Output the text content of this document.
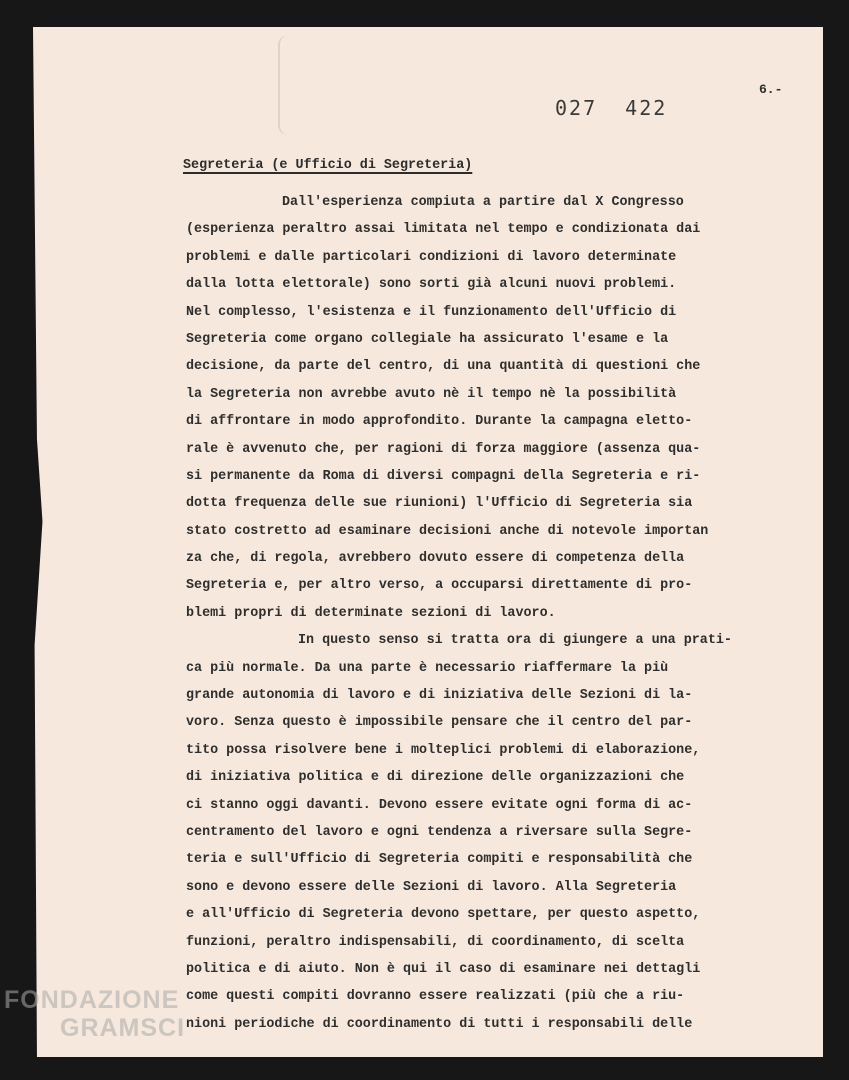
027 422
6.-
Segreteria (e Ufficio di Segreteria)
Dall'esperienza compiuta a partire dal X Congresso
(esperienza peraltro assai limitata nel tempo e condizionata dai
problemi e dalle particolari condizioni di lavoro determinate
dalla lotta elettorale) sono sorti già alcuni nuovi problemi.
Nel complesso, l'esistenza e il funzionamento dell'Ufficio di
Segreteria come organo collegiale ha assicurato l'esame e la
decisione, da parte del centro, di una quantità di questioni che
la Segreteria non avrebbe avuto nè il tempo nè la possibilità
di affrontare in modo approfondito. Durante la campagna eletto-
rale è avvenuto che, per ragioni di forza maggiore (assenza qua-
si permanente da Roma di diversi compagni della Segreteria e ri-
dotta frequenza delle sue riunioni) l'Ufficio di Segreteria sia
stato costretto ad esaminare decisioni anche di notevole importan
za che, di regola, avrebbero dovuto essere di competenza della
Segreteria e, per altro verso, a occuparsi direttamente di pro-
blemi propri di determinate sezioni di lavoro.
In questo senso si tratta ora di giungere a una prati-
ca più normale. Da una parte è necessario riaffermare la più
grande autonomia di lavoro e di iniziativa delle Sezioni di la-
voro. Senza questo è impossibile pensare che il centro del par-
tito possa risolvere bene i molteplici problemi di elaborazione,
di iniziativa politica e di direzione delle organizzazioni che
ci stanno oggi davanti. Devono essere evitate ogni forma di ac-
centramento del lavoro e ogni tendenza a riversare sulla Segre-
teria e sull'Ufficio di Segreteria compiti e responsabilità che
sono e devono essere delle Sezioni di lavoro. Alla Segreteria
e all'Ufficio di Segreteria devono spettare, per questo aspetto,
funzioni, peraltro indispensabili, di coordinamento, di scelta
politica e di aiuto. Non è qui il caso di esaminare nei dettagli
come questi compiti dovranno essere realizzati (più che a riu-
nioni periodiche di coordinamento di tutti i responsabili delle
FONDAZIONE
GRAMSCI
